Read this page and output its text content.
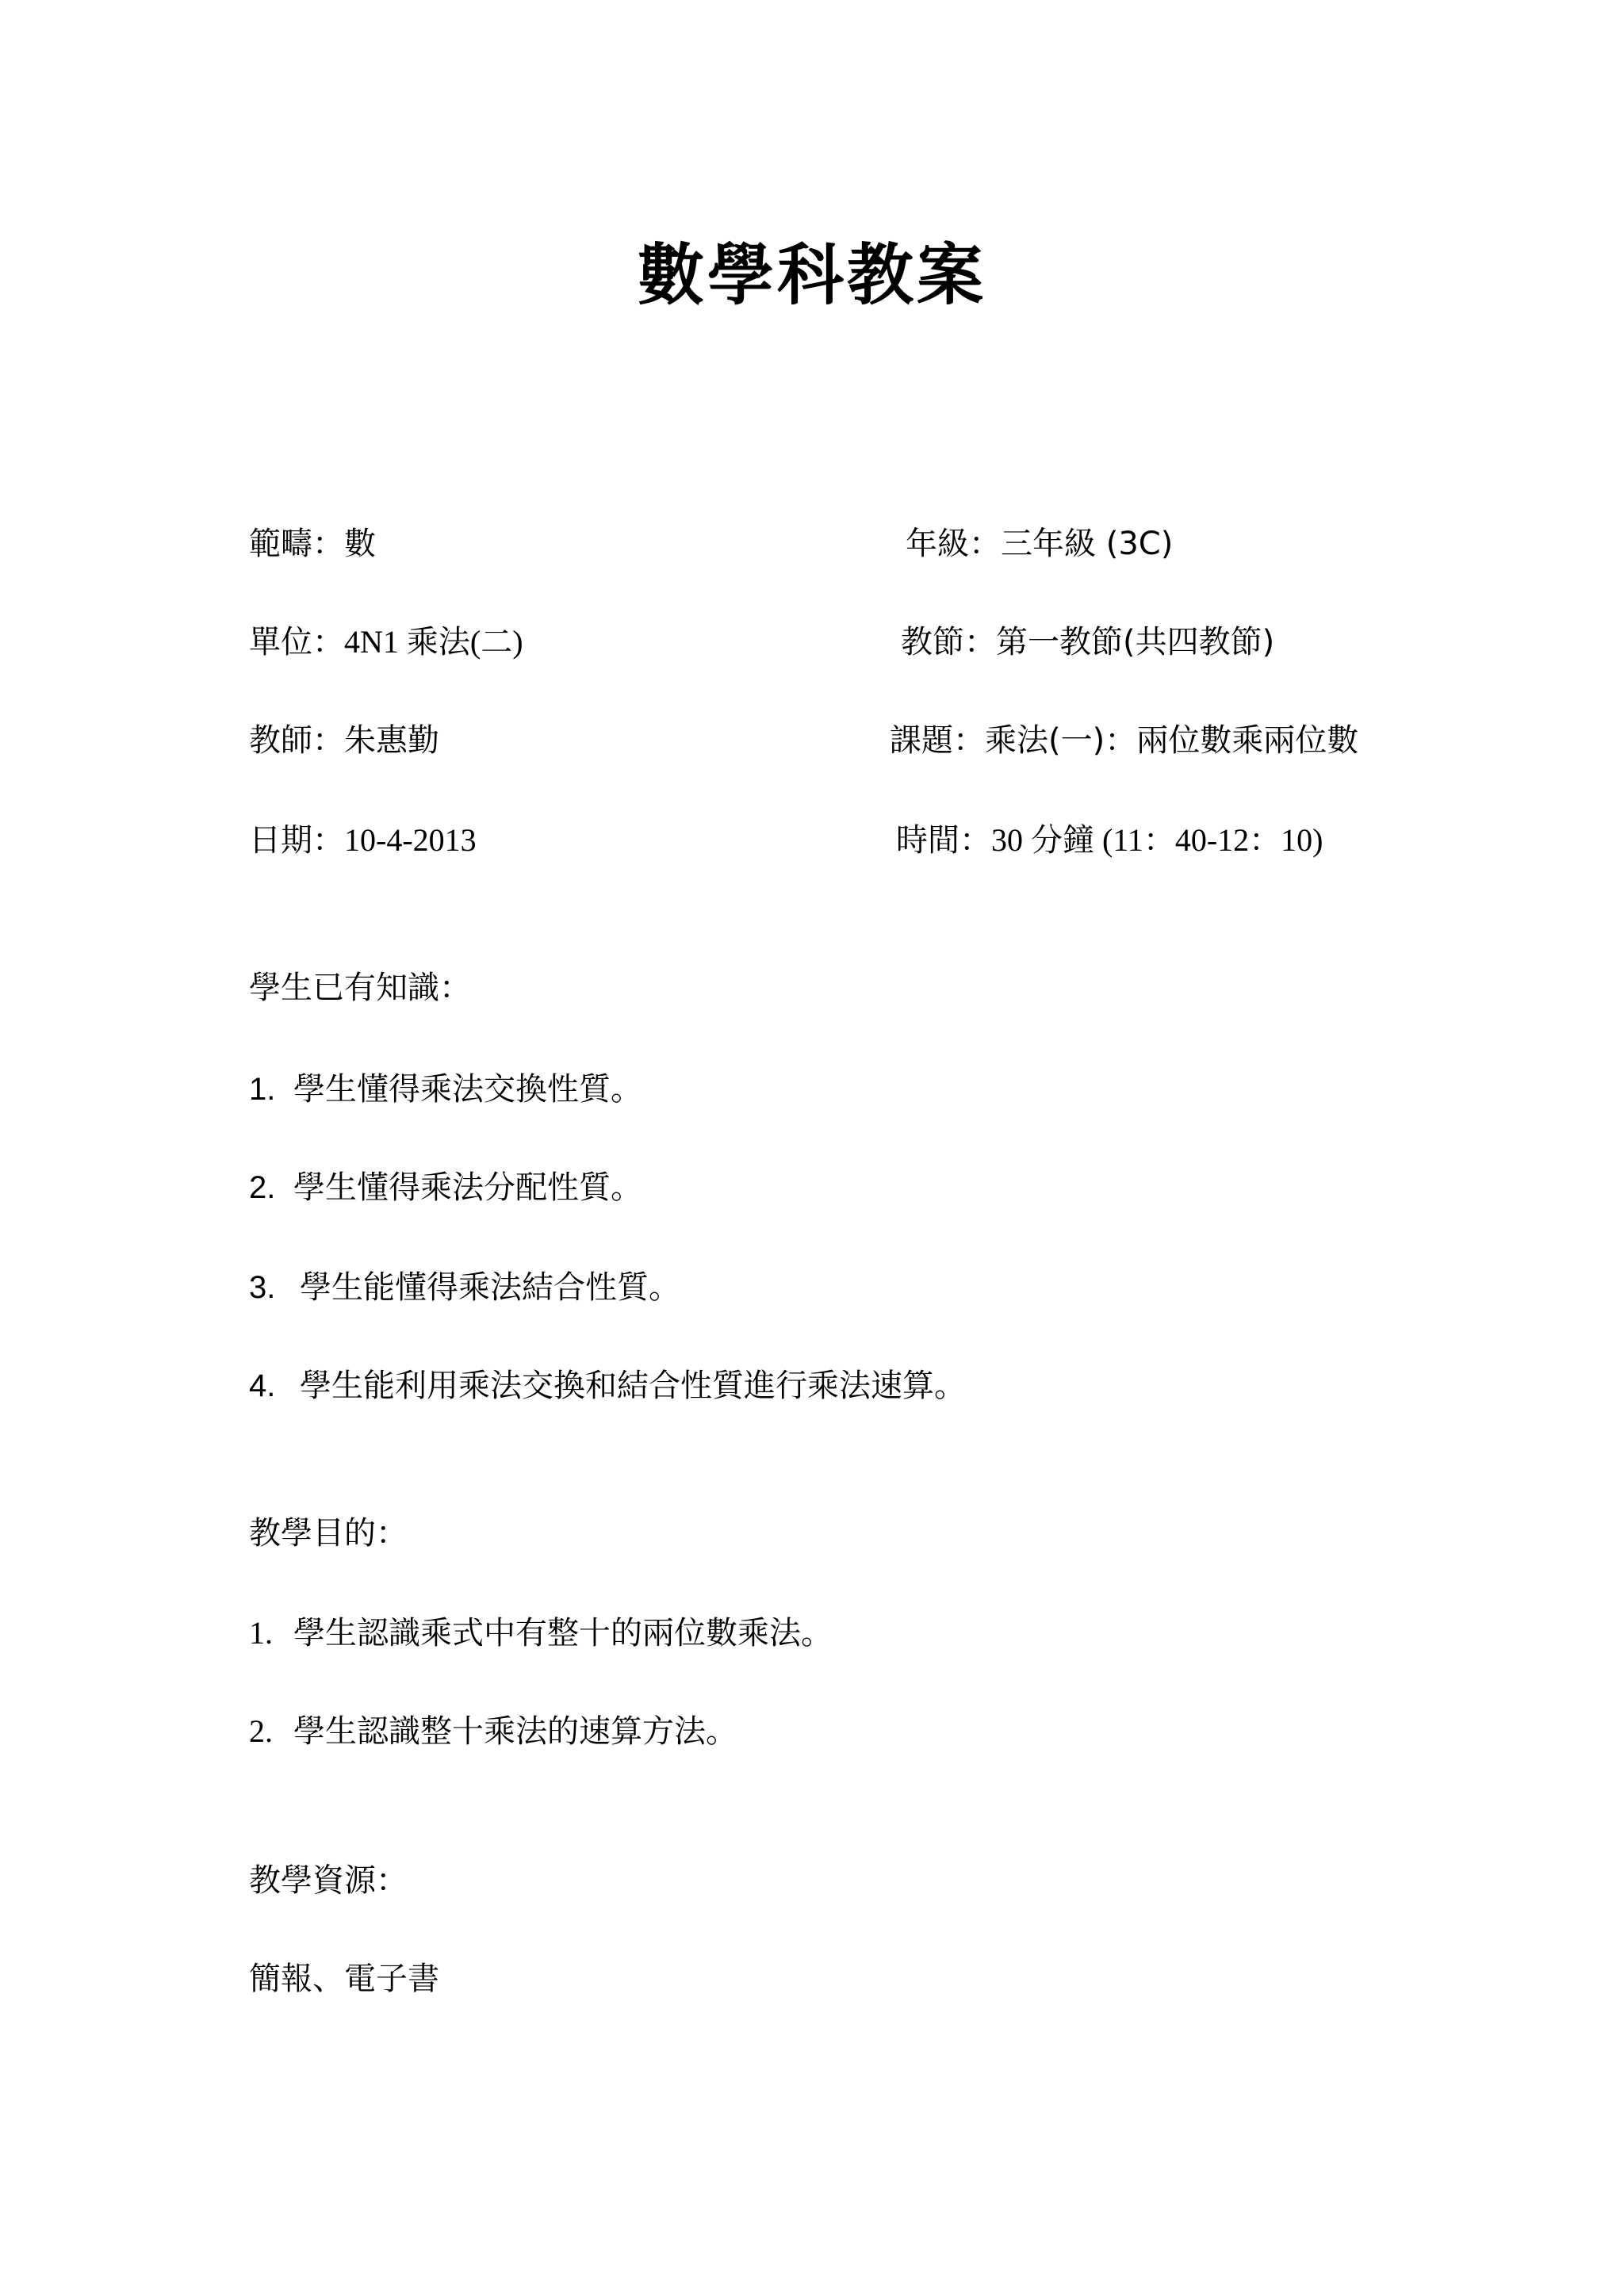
數學科教案
範疇：數	年級：三年級 (3C)
單位：4N1 乘法(二)	教節：第一教節(共四教節)
教師：朱惠勤	課題：乘法(一)：兩位數乘兩位數
日期：10-4-2013	時間：30 分鐘 (11：40-12：10)
學生已有知識：
1. 學生懂得乘法交換性質。
2. 學生懂得乘法分配性質。
3. 學生能懂得乘法結合性質。
4. 學生能利用乘法交換和結合性質進行乘法速算。
教學目的：
1. 學生認識乘式中有整十的兩位數乘法。
2. 學生認識整十乘法的速算方法。
教學資源：
簡報、電子書
